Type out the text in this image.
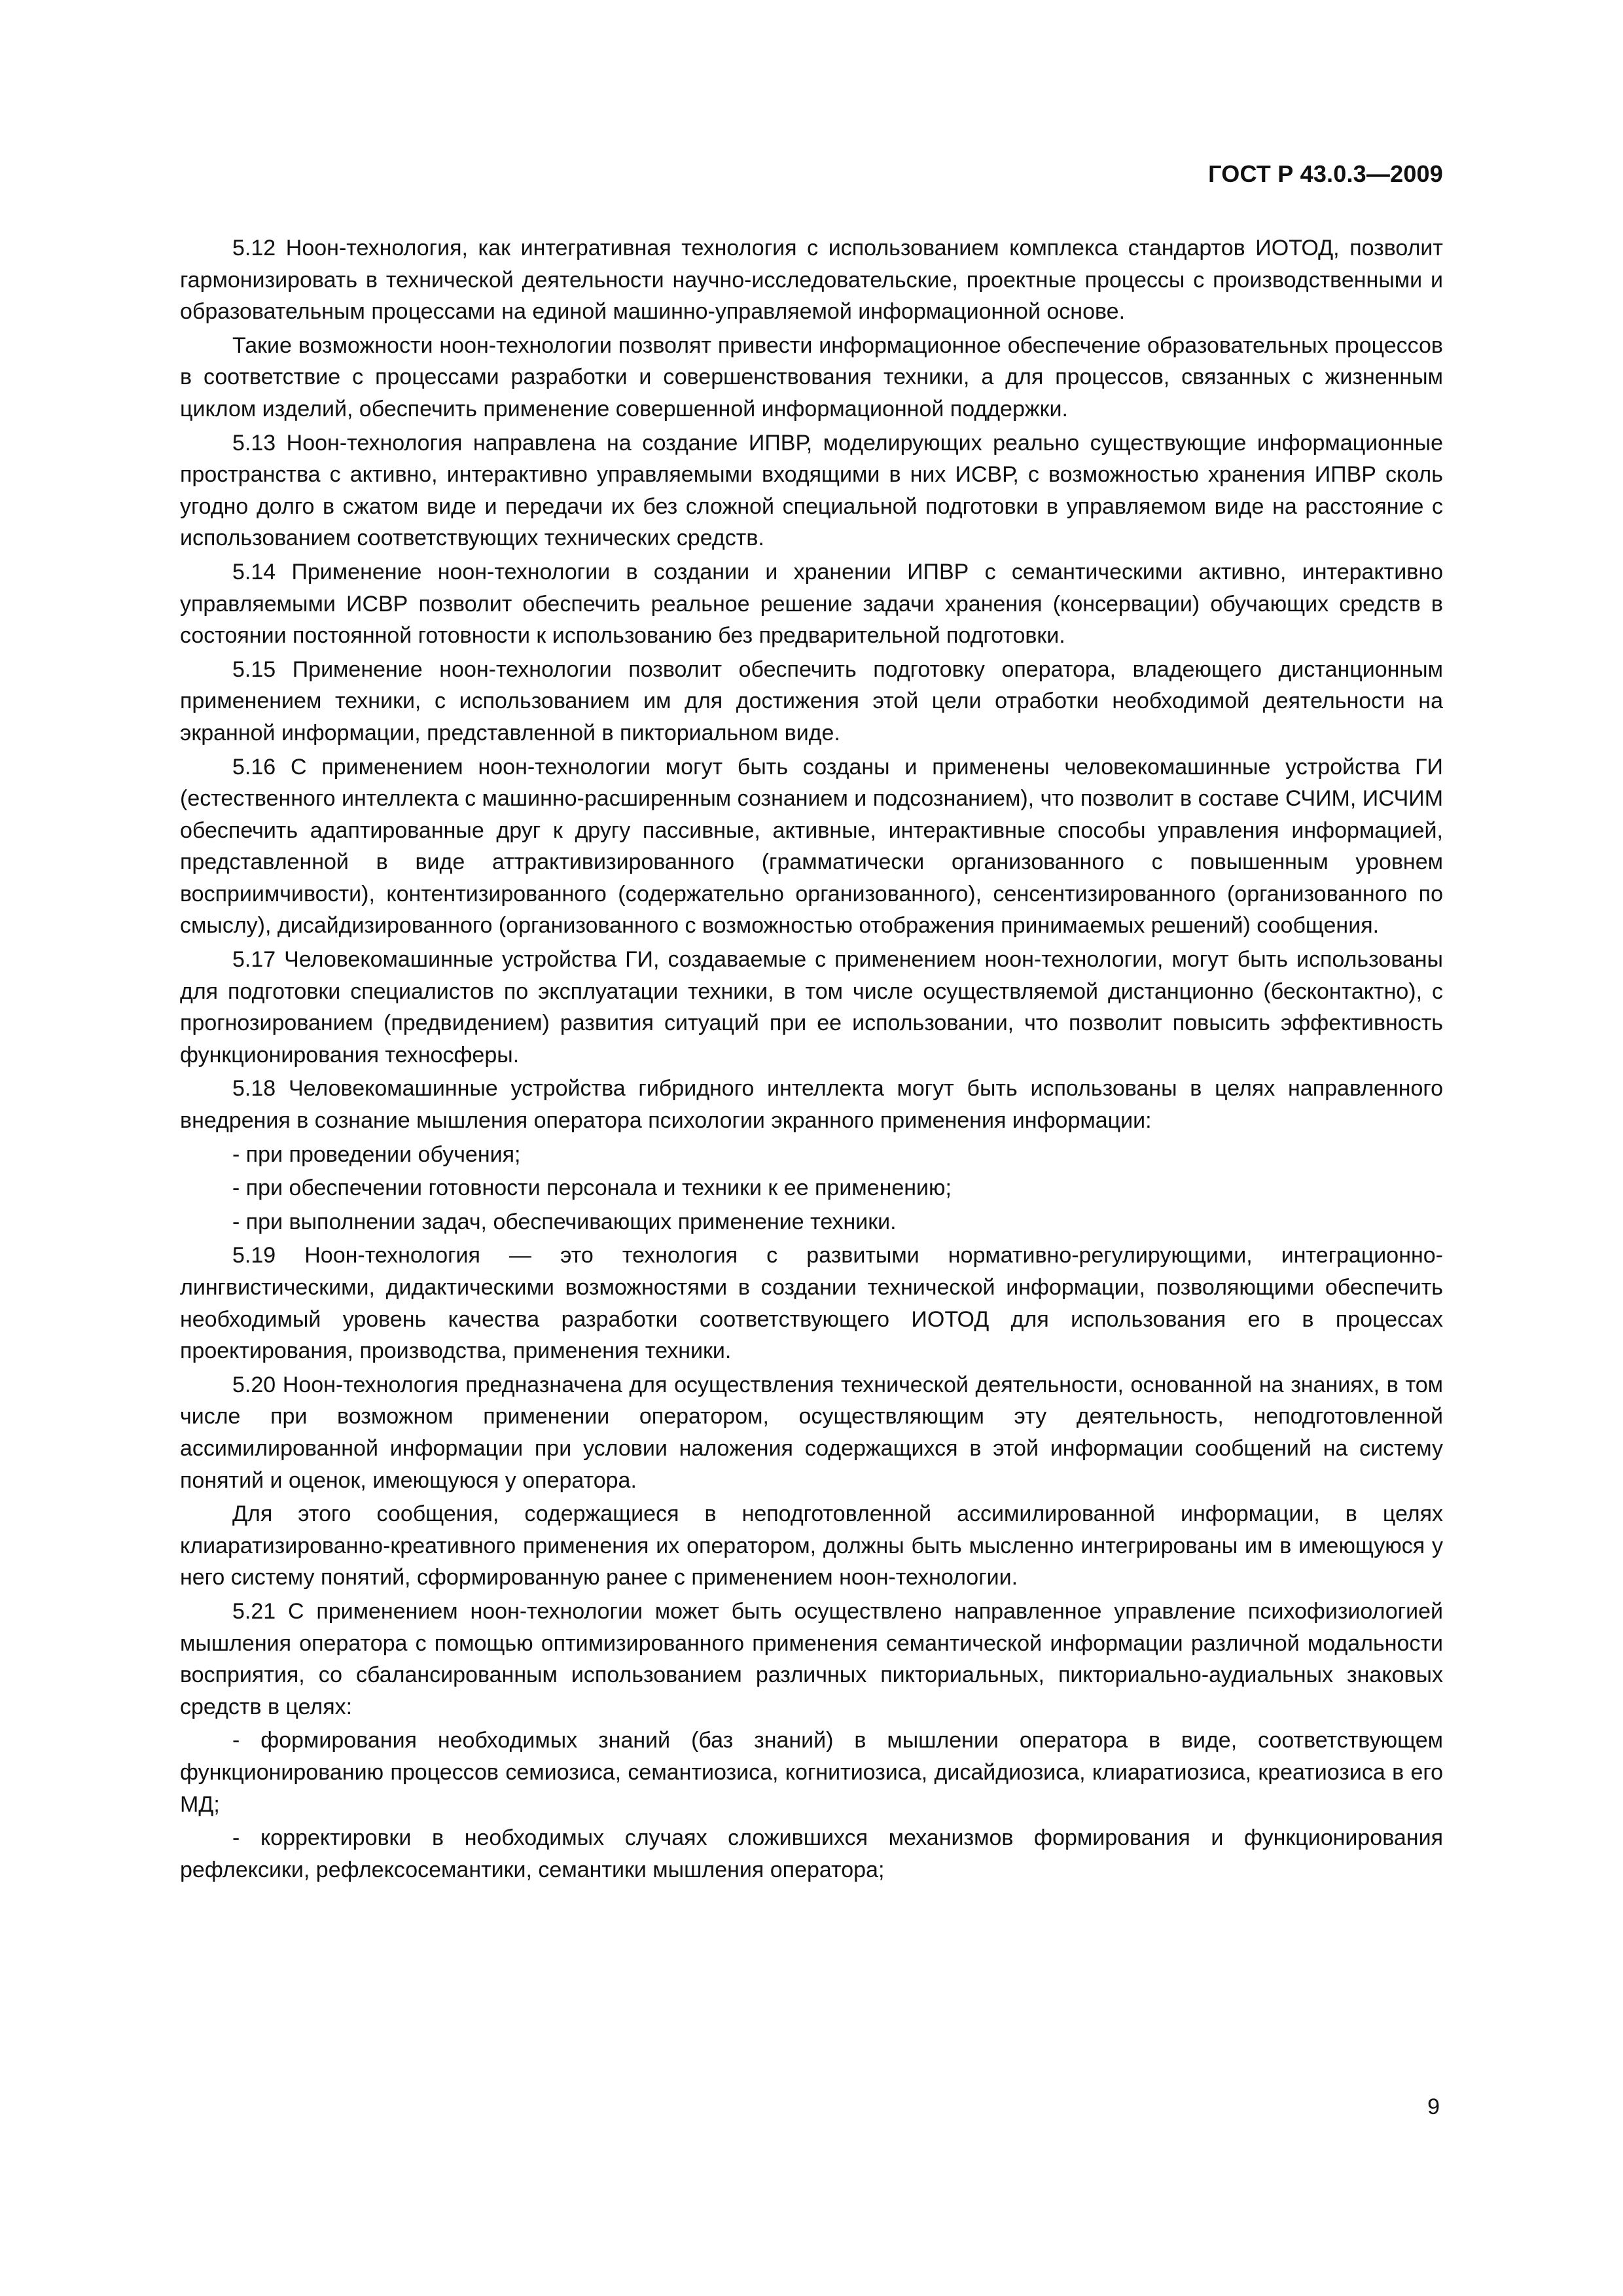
ГОСТ Р 43.0.3—2009

5.12 Ноон-технология, как интегративная технология с использованием комплекса стандартов ИОТОД, позволит гармонизировать в технической деятельности научно-исследовательские, проектные процессы с производственными и образовательным процессами на единой машинно-управляемой информационной основе.

Такие возможности ноон-технологии позволят привести информационное обеспечение образовательных процессов в соответствие с процессами разработки и совершенствования техники, а для процессов, связанных с жизненным циклом изделий, обеспечить применение совершенной информационной поддержки.

5.13 Ноон-технология направлена на создание ИПВР, моделирующих реально существующие информационные пространства с активно, интерактивно управляемыми входящими в них ИСВР, с возможностью хранения ИПВР сколь угодно долго в сжатом виде и передачи их без сложной специальной подготовки в управляемом виде на расстояние с использованием соответствующих технических средств.

5.14 Применение ноон-технологии в создании и хранении ИПВР с семантическими активно, интерактивно управляемыми ИСВР позволит обеспечить реальное решение задачи хранения (консервации) обучающих средств в состоянии постоянной готовности к использованию без предварительной подготовки.

5.15 Применение ноон-технологии позволит обеспечить подготовку оператора, владеющего дистанционным применением техники, с использованием им для достижения этой цели отработки необходимой деятельности на экранной информации, представленной в пикториальном виде.

5.16 С применением ноон-технологии могут быть созданы и применены человекомашинные устройства ГИ (естественного интеллекта с машинно-расширенным сознанием и подсознанием), что позволит в составе СЧИМ, ИСЧИМ обеспечить адаптированные друг к другу пассивные, активные, интерактивные способы управления информацией, представленной в виде аттрактивизированного (грамматически организованного с повышенным уровнем восприимчивости), контентизированного (содержательно организованного), сенсентизированного (организованного по смыслу), дисайдизированного (организованного с возможностью отображения принимаемых решений) сообщения.

5.17 Человекомашинные устройства ГИ, создаваемые с применением ноон-технологии, могут быть использованы для подготовки специалистов по эксплуатации техники, в том числе осуществляемой дистанционно (бесконтактно), с прогнозированием (предвидением) развития ситуаций при ее использовании, что позволит повысить эффективность функционирования техносферы.

5.18 Человекомашинные устройства гибридного интеллекта могут быть использованы в целях направленного внедрения в сознание мышления оператора психологии экранного применения информации:

- при проведении обучения;

- при обеспечении готовности персонала и техники к ее применению;

- при выполнении задач, обеспечивающих применение техники.

5.19 Ноон-технология — это технология с развитыми нормативно-регулирующими, интеграционно-лингвистическими, дидактическими возможностями в создании технической информации, позволяющими обеспечить необходимый уровень качества разработки соответствующего ИОТОД для использования его в процессах проектирования, производства, применения техники.

5.20 Ноон-технология предназначена для осуществления технической деятельности, основанной на знаниях, в том числе при возможном применении оператором, осуществляющим эту деятельность, неподготовленной ассимилированной информации при условии наложения содержащихся в этой информации сообщений на систему понятий и оценок, имеющуюся у оператора.

Для этого сообщения, содержащиеся в неподготовленной ассимилированной информации, в целях клиаратизированно-креативного применения их оператором, должны быть мысленно интегрированы им в имеющуюся у него систему понятий, сформированную ранее с применением ноон-технологии.

5.21 С применением ноон-технологии может быть осуществлено направленное управление психофизиологией мышления оператора с помощью оптимизированного применения семантической информации различной модальности восприятия, со сбалансированным использованием различных пикториальных, пикториально-аудиальных знаковых средств в целях:

- формирования необходимых знаний (баз знаний) в мышлении оператора в виде, соответствующем функционированию процессов семиозиса, семантиозиса, когнитиозиса, дисайдиозиса, клиаратиозиса, креатиозиса в его МД;

- корректировки в необходимых случаях сложившихся механизмов формирования и функционирования рефлексики, рефлексосемантики, семантики мышления оператора;

9
